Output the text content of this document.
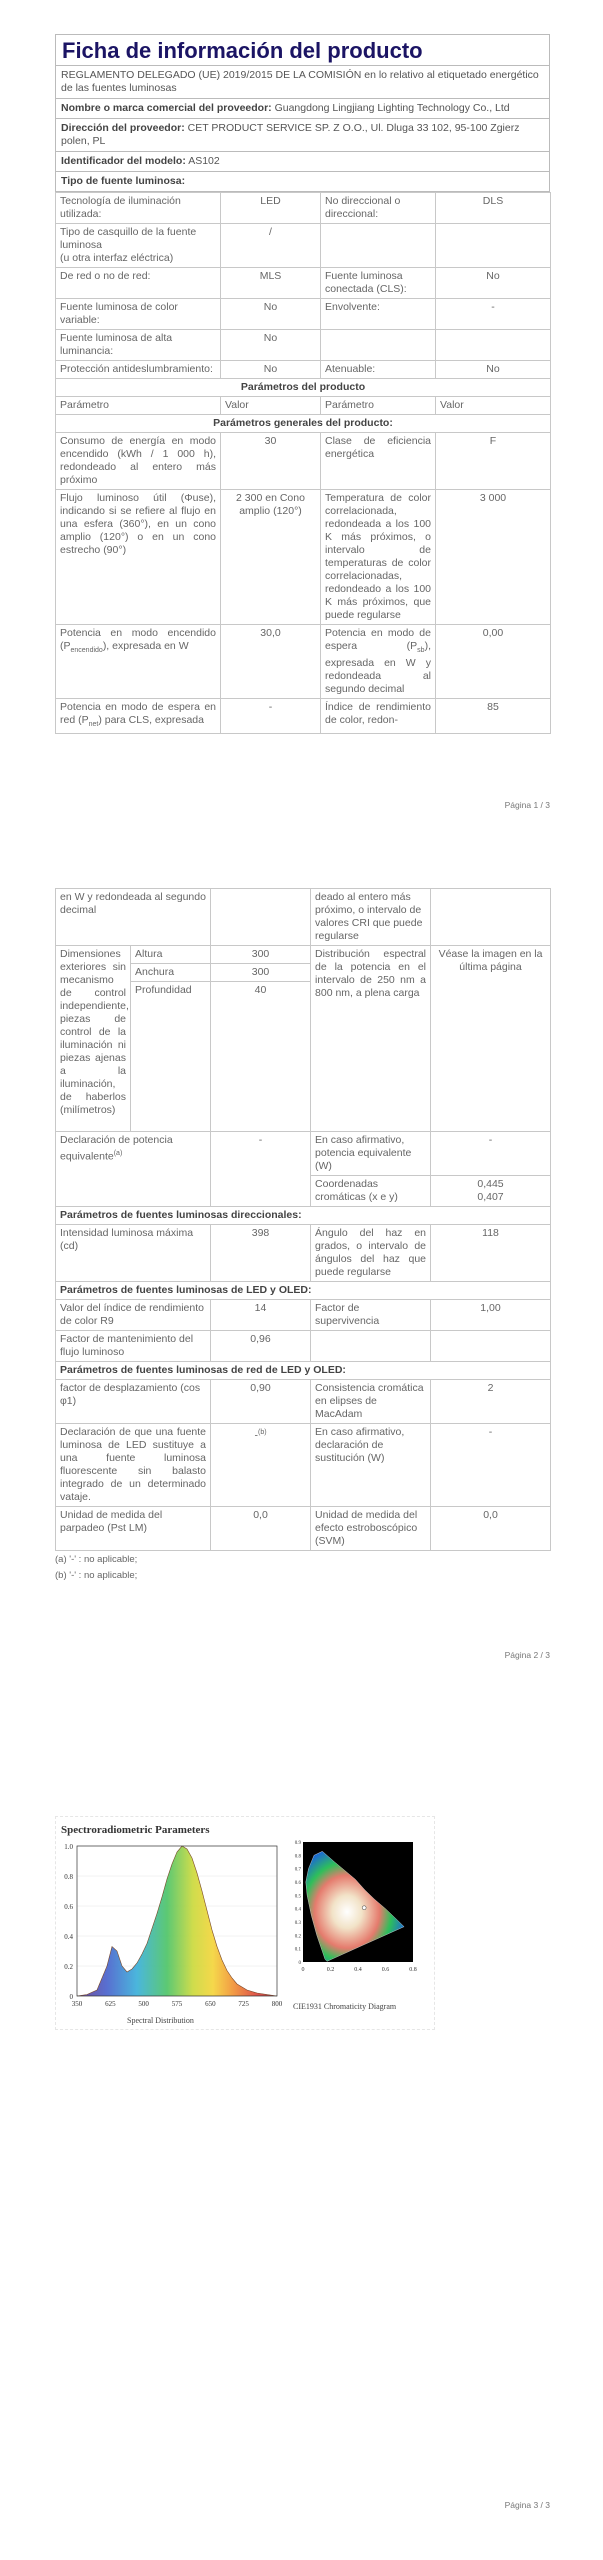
Ficha de información del producto
REGLAMENTO DELEGADO (UE) 2019/2015 DE LA COMISIÓN en lo relativo al etiquetado energético de las fuentes luminosas
Nombre o marca comercial del proveedor: Guangdong Lingjiang Lighting Technology Co., Ltd
Dirección del proveedor: CET PRODUCT SERVICE SP. Z O.O., Ul. Dluga 33 102, 95-100 Zgierz polen, PL
Identificador del modelo: AS102
Tipo de fuente luminosa:
Tecnología de iluminación utilizada:	LED	No direccional o direccional:	DLS
Tipo de casquillo de la fuente luminosa
(u otra interfaz eléctrica)	/		
De red o no de red:	MLS	Fuente luminosa conectada (CLS):	No
Fuente luminosa de color variable:	No	Envolvente:	-
Fuente luminosa de alta luminancia:	No		
Protección antideslumbramiento:	No	Atenuable:	No
Parámetros del producto			
Parámetro	Valor	Parámetro	Valor
Parámetros generales del producto:			
Consumo de energía en modo encendido (kWh / 1 000 h), redondeado al entero más próximo	30	Clase de eficiencia energética	F
Flujo luminoso útil (Φuse), indicando si se refiere al flujo en una esfera (360°), en un cono amplio (120°) o en un cono estrecho (90°)	2 300 en Cono amplio (120°)	Temperatura de color correlacionada, redondeada a los 100 K más próximos, o intervalo de temperaturas de color correlacionadas, redondeado a los 100 K más próximos, que puede regularse	3 000
Potencia en modo encendido $(P_{encendido})$, expresada en W	30,0	Potencia en modo de espera $(P_{sb})$, expresada en W y redondeada al segundo decimal	0,00
Potencia en modo de espera en red $(P_{net})$ para CLS, expresada	-	Índice de rendimiento de color, redon-	85
Página 1 / 3
en W y redondeada al segundo decimal			deado al entero más próximo, o intervalo de valores CRI que puede regularse	
Dimensiones exteriores sin mecanismo de control independiente, piezas de control de la iluminación ni piezas ajenas a la iluminación, de haberlos (milímetros)	Altura	300	Distribución espectral de la potencia en el intervalo de 250 nm a 800 nm, a plena carga	Véase la imagen en la última página
	Anchura	300		
	Profundidad	40		
Declaración de potencia equivalente$^{(a)}$		-	En caso afirmativo, potencia equivalente (W)	-
			Coordenadas cromáticas (x e y)	0,445
0,407

Parámetros de fuentes luminosas direccionales:				
Intensidad luminosa máxima (cd)		398	Ángulo del haz en grados, o intervalo de ángulos del haz que puede regularse	118
Parámetros de fuentes luminosas de LED y OLED:				
Valor del índice de rendimiento de color R9		14	Factor de supervivencia	1,00
Factor de mantenimiento del flujo luminoso		0,96		
Parámetros de fuentes luminosas de red de LED y OLED:				
factor de desplazamiento (cos φ1)		0,90	Consistencia cromática en elipses de MacAdam	2
Declaración de que una fuente luminosa de LED sustituye a una fuente luminosa fluorescente sin balasto integrado de un determinado vataje.		-$^{(b)}$	En caso afirmativo, declaración de sustitución (W)	-
Unidad de medida del parpadeo (Pst LM)		0,0	Unidad de medida del efecto estroboscópico (SVM)	0,0
(a) '-' : no aplicable;
(b) '-' : no aplicable;
Página 2 / 3
Spectroradiometric Parameters
0
0.2
0.4
0.6
0.8
1.0
350	625	500	575	650	725	800
0	0.2	0.4	0.6	0.8
0
0.1
0.2
0.3
0.4
0.5
0.6
0.7
0.8
0.9
Spectral Distribution
CIE1931 Chromaticity Diagram
Página 3 / 3
